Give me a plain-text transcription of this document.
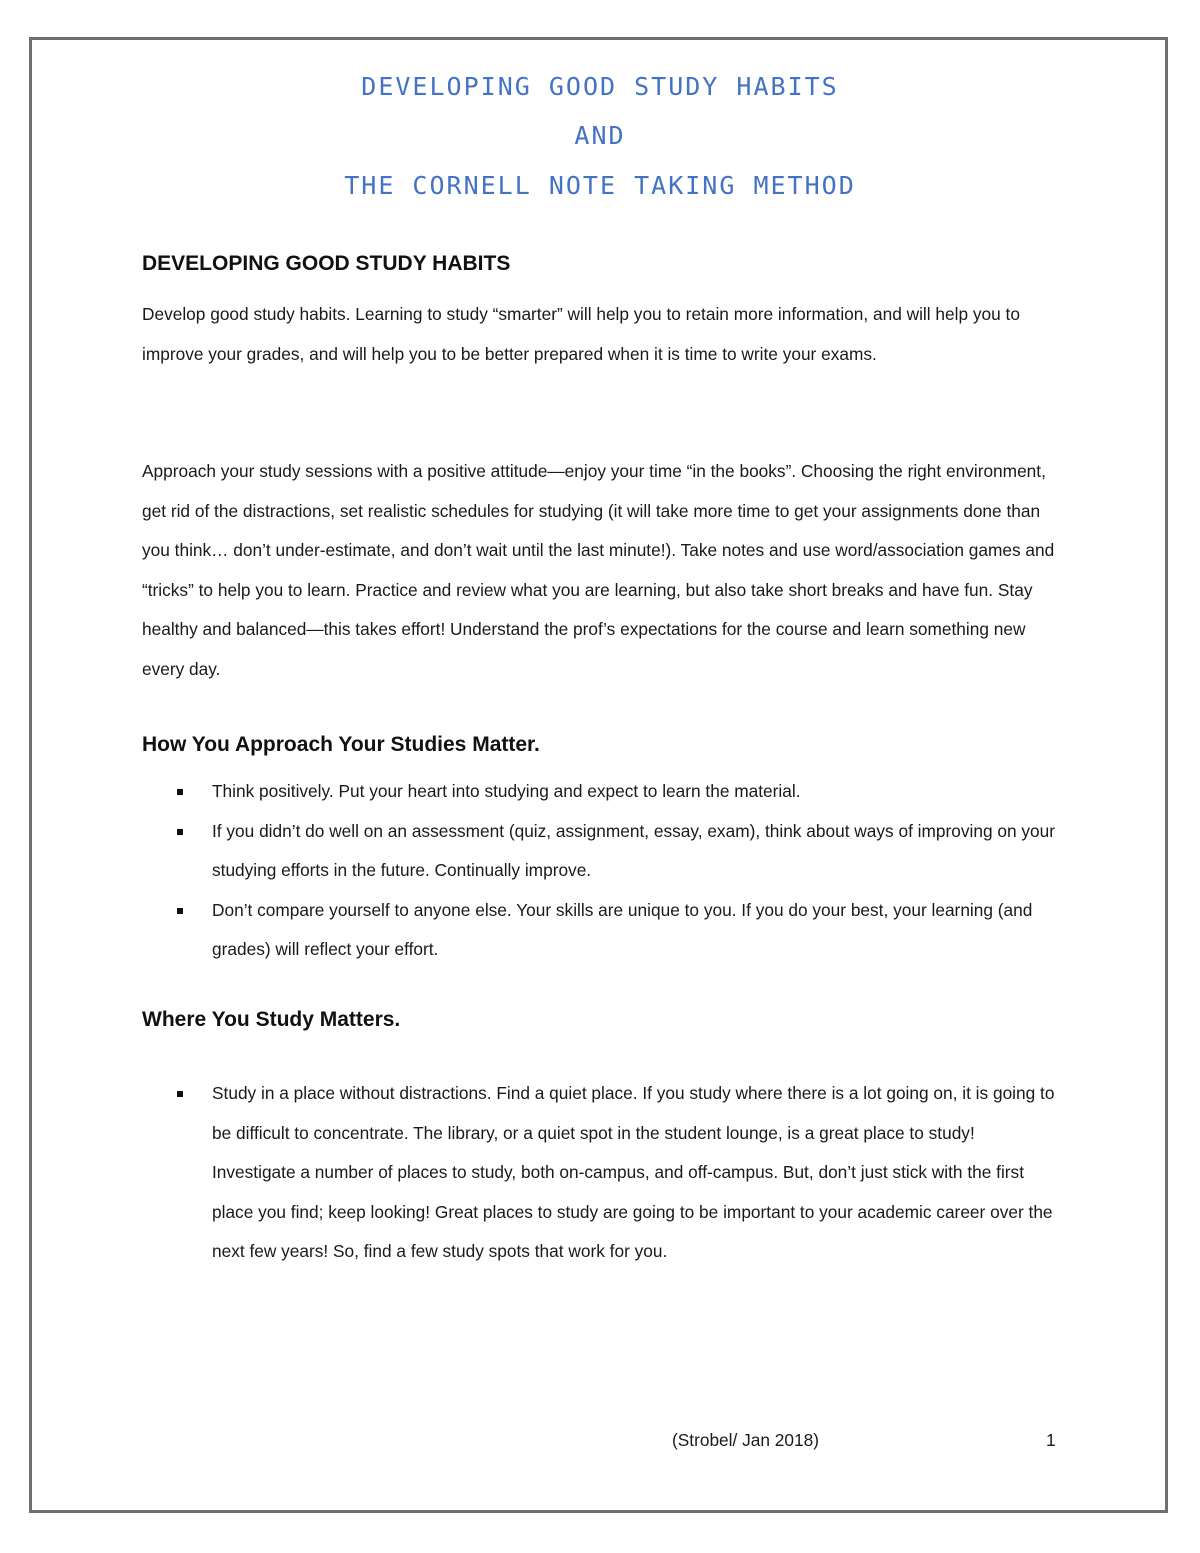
DEVELOPING GOOD STUDY HABITS
AND
THE CORNELL NOTE TAKING METHOD
DEVELOPING GOOD STUDY HABITS

Develop good study habits. Learning to study “smarter” will help you to retain more information, and will help you to improve your grades, and will help you to be better prepared when it is time to write your exams.

Approach your study sessions with a positive attitude—enjoy your time “in the books”. Choosing the right environment, get rid of the distractions, set realistic schedules for studying (it will take more time to get your assignments done than you think… don’t under-estimate, and don’t wait until the last minute!). Take notes and use word/association games and “tricks” to help you to learn. Practice and review what you are learning, but also take short breaks and have fun. Stay healthy and balanced—this takes effort! Understand the prof’s expectations for the course and learn something new every day.

How You Approach Your Studies Matter.
Think positively. Put your heart into studying and expect to learn the material.
If you didn’t do well on an assessment (quiz, assignment, essay, exam), think about ways of improving on your studying efforts in the future. Continually improve.
Don’t compare yourself to anyone else. Your skills are unique to you. If you do your best, your learning (and grades) will reflect your effort.
Where You Study Matters.
Study in a place without distractions. Find a quiet place. If you study where there is a lot going on, it is going to be difficult to concentrate. The library, or a quiet spot in the student lounge, is a great place to study! Investigate a number of places to study, both on-campus, and off-campus. But, don’t just stick with the first place you find; keep looking! Great places to study are going to be important to your academic career over the next few years! So, find a few study spots that work for you.

(Strobel/ Jan 2018)	1
